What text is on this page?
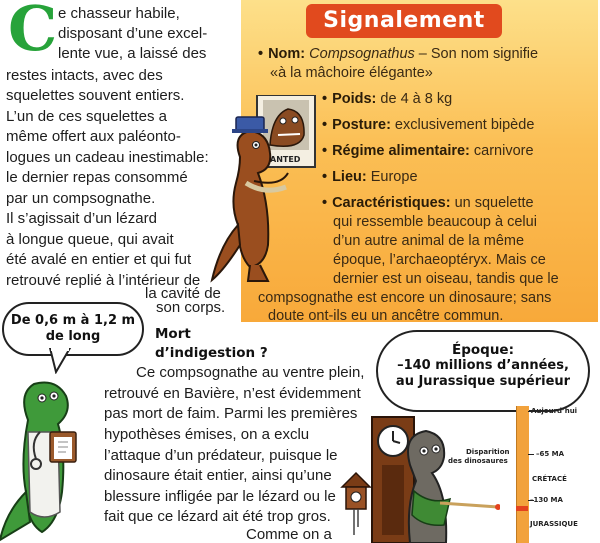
C e chasseur habile,
disposant d’une excel-
lente vue, a laissé des
restes intacts, avec des
squelettes souvent entiers.
L’un de ces squelettes a
même offert aux paléonto-
logues un cadeau inestimable:
le dernier repas consommé
par un compsognathe.
Il s’agissait d’un lézard
à longue queue, qui avait
été avalé en entier et qui fut
retrouvé replié à l’intérieur de
la cavité de
son corps.
Signalement
• Nom: Compsognathus – Son nom signifie
«à la mâchoire élégante»
• Poids: de 4 à 8 kg
• Posture: exclusivement bipède
• Régime alimentaire: carnivore
• Lieu: Europe
• Caractéristiques: un squelette
qui ressemble beaucoup à celui
d’un autre animal de la même
époque, l’archaeoptéryx. Mais ce
dernier est un oiseau, tandis que le
compsognathe est encore un dinosaure; sans
doute ont-ils eu un ancêtre commun.
ANTED
De 0,6 m à 1,2 m
de long	Mort
d’indigestion ?
Ce compsognathe au ventre plein,
retrouvé en Bavière, n’est évidemment
pas mort de faim. Parmi les premières
hypothèses émises, on a exclu
l’attaque d’un prédateur, puisque le
dinosaure était entier, ainsi qu’une
blessure infligée par le lézard ou le
fait que ce lézard ait été trop gros.
Comme on a
Époque:
–140 millions d’années,
au Jurassique supérieur
Aujourd’hui
Disparition
des dinosaures
–65 MA
CRÉTACÉ
–130 MA
JURASSIQUE
